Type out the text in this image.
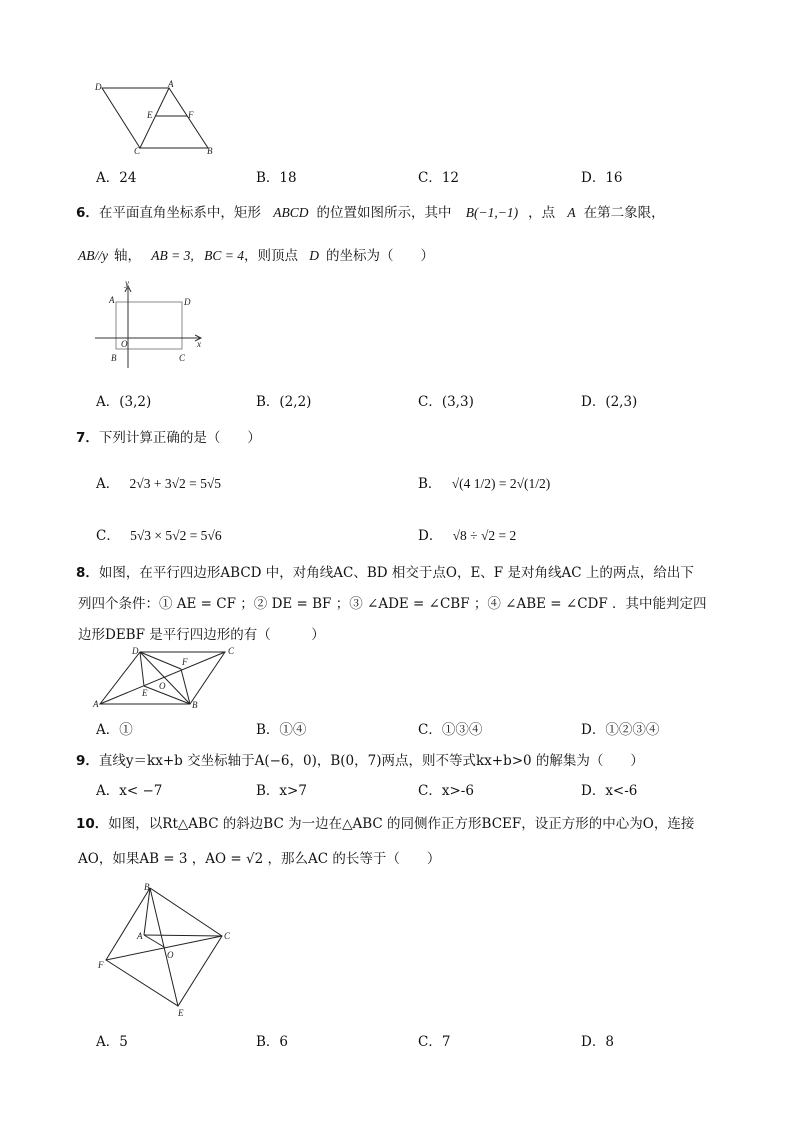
D	A
E	F
C	B
A．24	B．18	C．12	D．16
6．在平面直角坐标系中，矩形 ABCD 的位置如图所示，其中 B(−1,−1) ，点 A 在第二象限，
AB//y 轴， AB = 3, BC = 4，则顶点 D 的坐标为（　　）
y
A	D
O	x
B	C
A．(3,2)	B．(2,2)	C．(3,3)	D．(2,3)
7．下列计算正确的是（　　）
A． 2√3 + 3√2 = 5√5	B． √(4 1/2) = 2√(1/2)
C． 5√3 × 5√2 = 5√6	D． √8 ÷ √2 = 2
8．如图，在平行四边形ABCD 中，对角线AC、BD 相交于点O，E、F 是对角线AC 上的两点，给出下
列四个条件：① AE = CF ；② DE = BF ；③ ∠ADE = ∠CBF ；④ ∠ABE = ∠CDF ．其中能判定四
边形DEBF 是平行四边形的有（　　　）
D	C
F
O
E
A	B
A．①	B．①④	C．①③④	D．①②③④
9．直线y＝kx+b 交坐标轴于A(−6，0)，B(0，7)两点，则不等式kx+b>0 的解集为（　　）
A．x< −7	B．x>7	C．x>-6	D．x<-6
10．如图，以Rt△ABC 的斜边BC 为一边在△ABC 的同侧作正方形BCEF，设正方形的中心为O，连接
AO，如果AB = 3 ，AO = √2 ，那么AC 的长等于（　　）
B
A	C
O
F
E
A．5	B．6	C．7	D．8
